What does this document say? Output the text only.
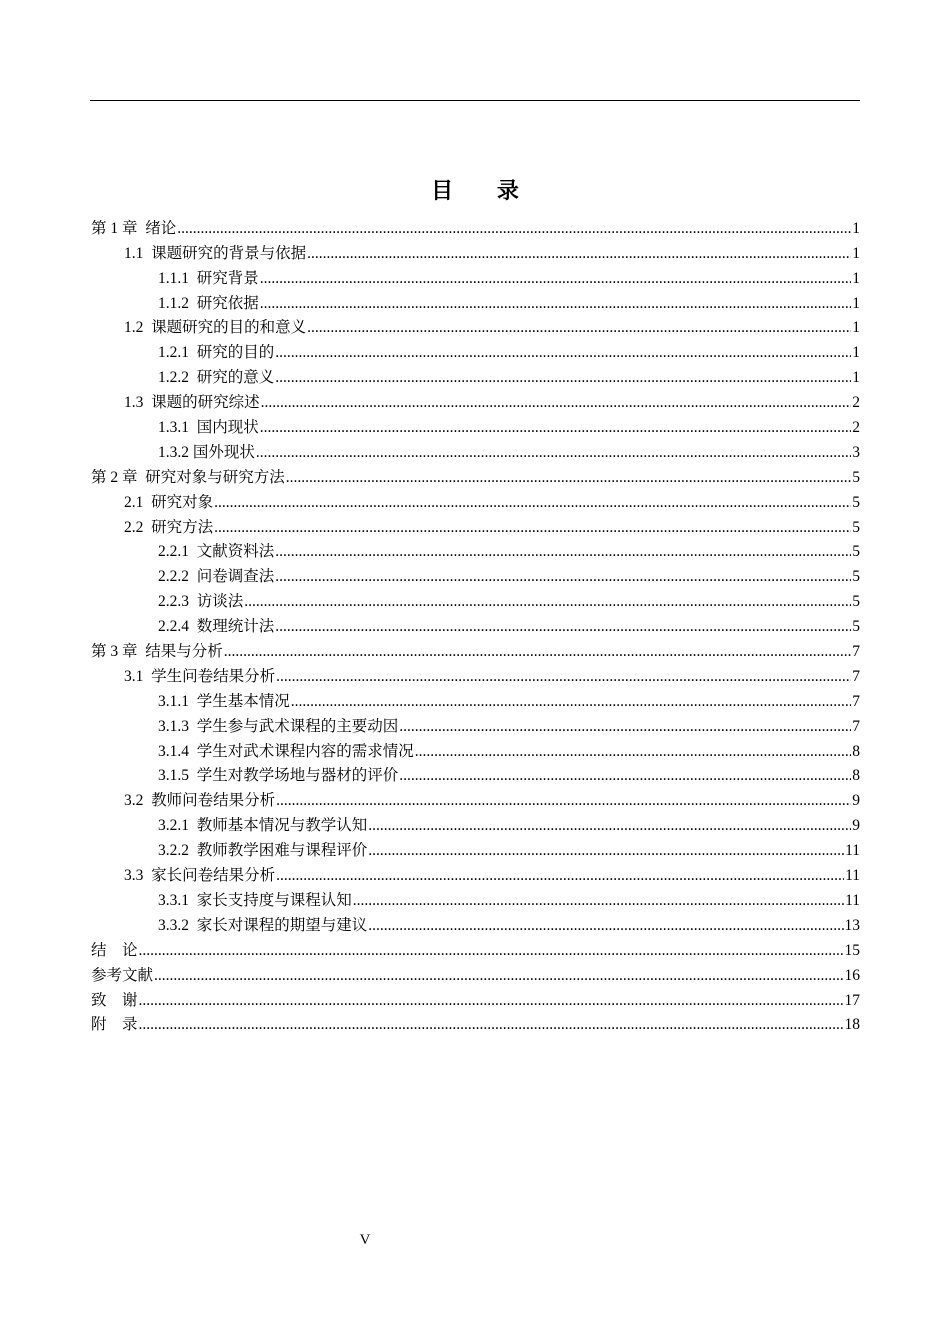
目 录
第 1 章 绪论 .....	1
1.1 课题研究的背景与依据 .....	1
1.1.1 研究背景 .....	1
1.1.2 研究依据 .....	1
1.2 课题研究的目的和意义 .....	1
1.2.1 研究的目的 .....	1
1.2.2 研究的意义 .....	1
1.3 课题的研究综述 .....	2
1.3.1 国内现状 .....	2
1.3.2 国外现状 .....	3
第 2 章 研究对象与研究方法 .....	5
2.1 研究对象 .....	5
2.2 研究方法 .....	5
2.2.1 文献资料法 .....	5
2.2.2 问卷调查法 .....	5
2.2.3 访谈法 .....	5
2.2.4 数理统计法 .....	5
第 3 章 结果与分析 .....	7
3.1 学生问卷结果分析 .....	7
3.1.1 学生基本情况 .....	7
3.1.3 学生参与武术课程的主要动因 .....	7
3.1.4 学生对武术课程内容的需求情况 .....	8
3.1.5 学生对教学场地与器材的评价 .....	8
3.2 教师问卷结果分析 .....	9
3.2.1 教师基本情况与教学认知 .....	9
3.2.2 教师教学困难与课程评价 .....	11
3.3 家长问卷结果分析 .....	11
3.3.1 家长支持度与课程认知 .....	11
3.3.2 家长对课程的期望与建议 .....	13
结    论 .....	15
参考文献 .....	16
致    谢 .....	17
附    录 .....	18
V
